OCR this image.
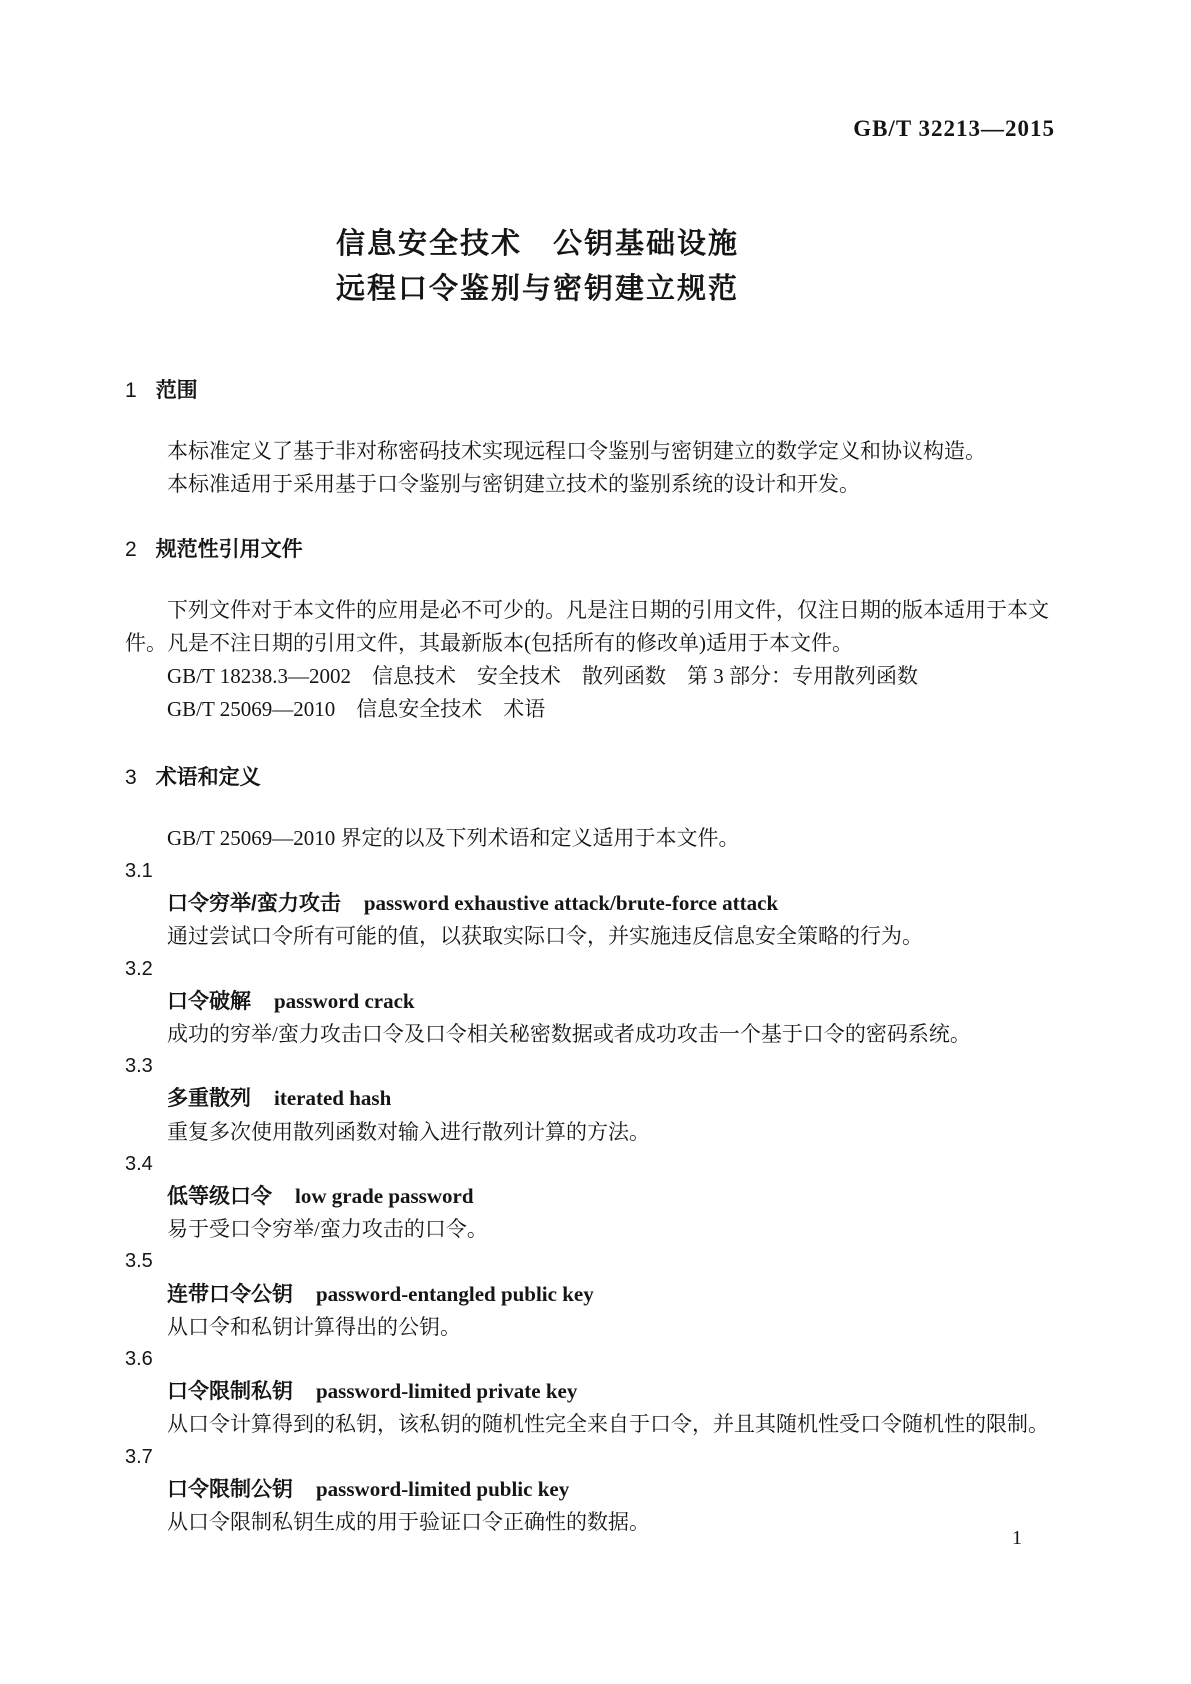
GB/T 32213—2015
信息安全技术　公钥基础设施
远程口令鉴别与密钥建立规范
1 范围

本标准定义了基于非对称密码技术实现远程口令鉴别与密钥建立的数学定义和协议构造。

本标准适用于采用基于口令鉴别与密钥建立技术的鉴别系统的设计和开发。

2 规范性引用文件

下列文件对于本文件的应用是必不可少的。凡是注日期的引用文件，仅注日期的版本适用于本文件。凡是不注日期的引用文件，其最新版本(包括所有的修改单)适用于本文件。

GB/T 18238.3—2002　信息技术　安全技术　散列函数　第 3 部分：专用散列函数
GB/T 25069—2010　信息安全技术　术语
3 术语和定义

GB/T 25069—2010 界定的以及下列术语和定义适用于本文件。

3.1
口令穷举/蛮力攻击 password exhaustive attack/brute-force attack
通过尝试口令所有可能的值，以获取实际口令，并实施违反信息安全策略的行为。
3.2
口令破解 password crack
成功的穷举/蛮力攻击口令及口令相关秘密数据或者成功攻击一个基于口令的密码系统。
3.3
多重散列 iterated hash
重复多次使用散列函数对输入进行散列计算的方法。
3.4
低等级口令 low grade password
易于受口令穷举/蛮力攻击的口令。
3.5
连带口令公钥 password-entangled public key
从口令和私钥计算得出的公钥。
3.6
口令限制私钥 password-limited private key
从口令计算得到的私钥，该私钥的随机性完全来自于口令，并且其随机性受口令随机性的限制。
3.7
口令限制公钥 password-limited public key
从口令限制私钥生成的用于验证口令正确性的数据。
1
